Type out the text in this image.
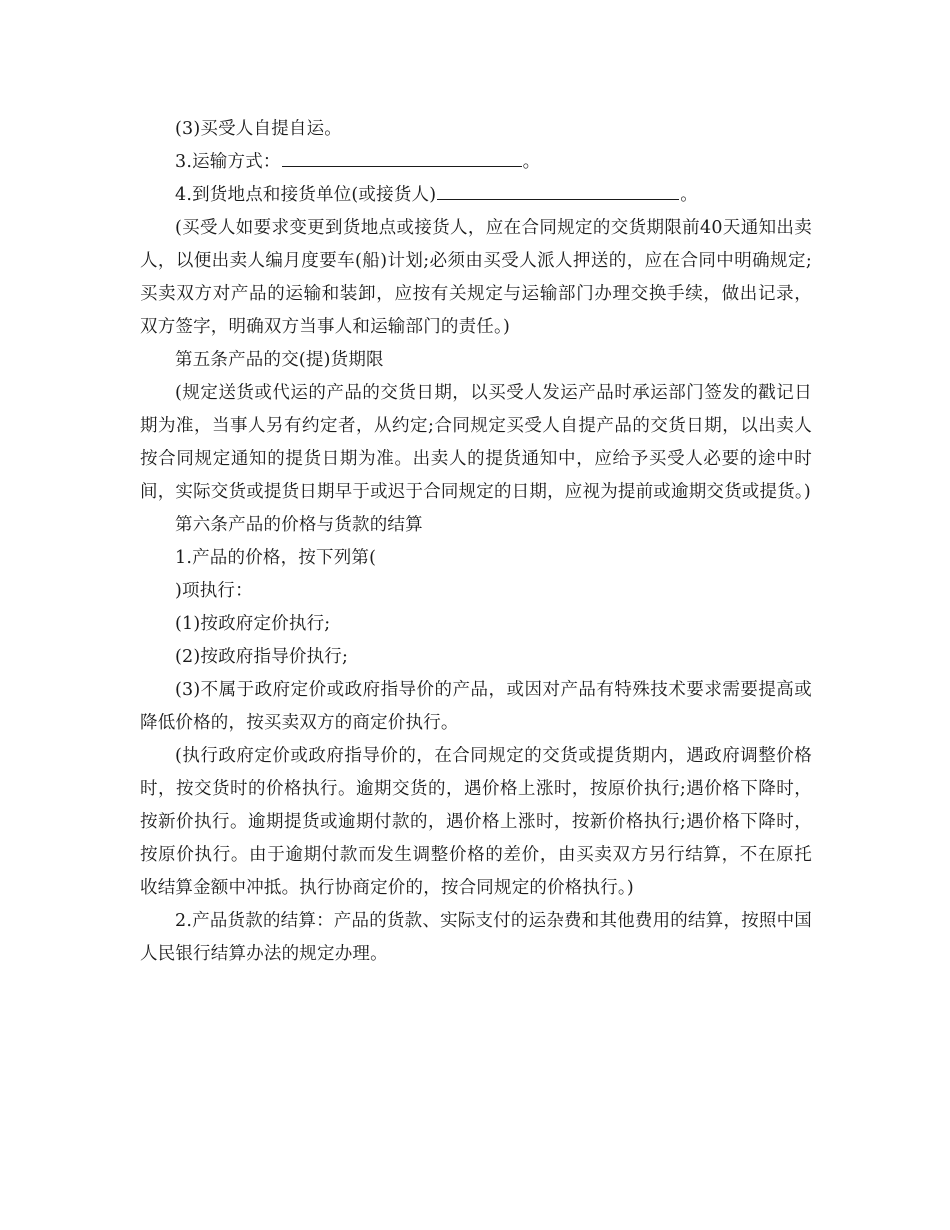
(3)买受人自提自运。

3.运输方式：	。

4.到货地点和接货单位(或接货人)	。

(买受人如要求变更到货地点或接货人，应在合同规定的交货期限前40天通知出卖人，以便出卖人编月度要车(船)计划;必须由买受人派人押送的，应在合同中明确规定;买卖双方对产品的运输和装卸，应按有关规定与运输部门办理交换手续，做出记录，双方签字，明确双方当事人和运输部门的责任。)

第五条产品的交(提)货期限

(规定送货或代运的产品的交货日期，以买受人发运产品时承运部门签发的戳记日期为准，当事人另有约定者，从约定;合同规定买受人自提产品的交货日期，以出卖人按合同规定通知的提货日期为准。出卖人的提货通知中，应给予买受人必要的途中时间，实际交货或提货日期早于或迟于合同规定的日期，应视为提前或逾期交货或提货。)

第六条产品的价格与货款的结算

1.产品的价格，按下列第(

)项执行：

(1)按政府定价执行;

(2)按政府指导价执行;

(3)不属于政府定价或政府指导价的产品，或因对产品有特殊技术要求需要提高或降低价格的，按买卖双方的商定价执行。

(执行政府定价或政府指导价的，在合同规定的交货或提货期内，遇政府调整价格时，按交货时的价格执行。逾期交货的，遇价格上涨时，按原价执行;遇价格下降时，按新价执行。逾期提货或逾期付款的，遇价格上涨时，按新价格执行;遇价格下降时，按原价执行。由于逾期付款而发生调整价格的差价，由买卖双方另行结算，不在原托收结算金额中冲抵。执行协商定价的，按合同规定的价格执行。)

2.产品货款的结算：产品的货款、实际支付的运杂费和其他费用的结算，按照中国人民银行结算办法的规定办理。
